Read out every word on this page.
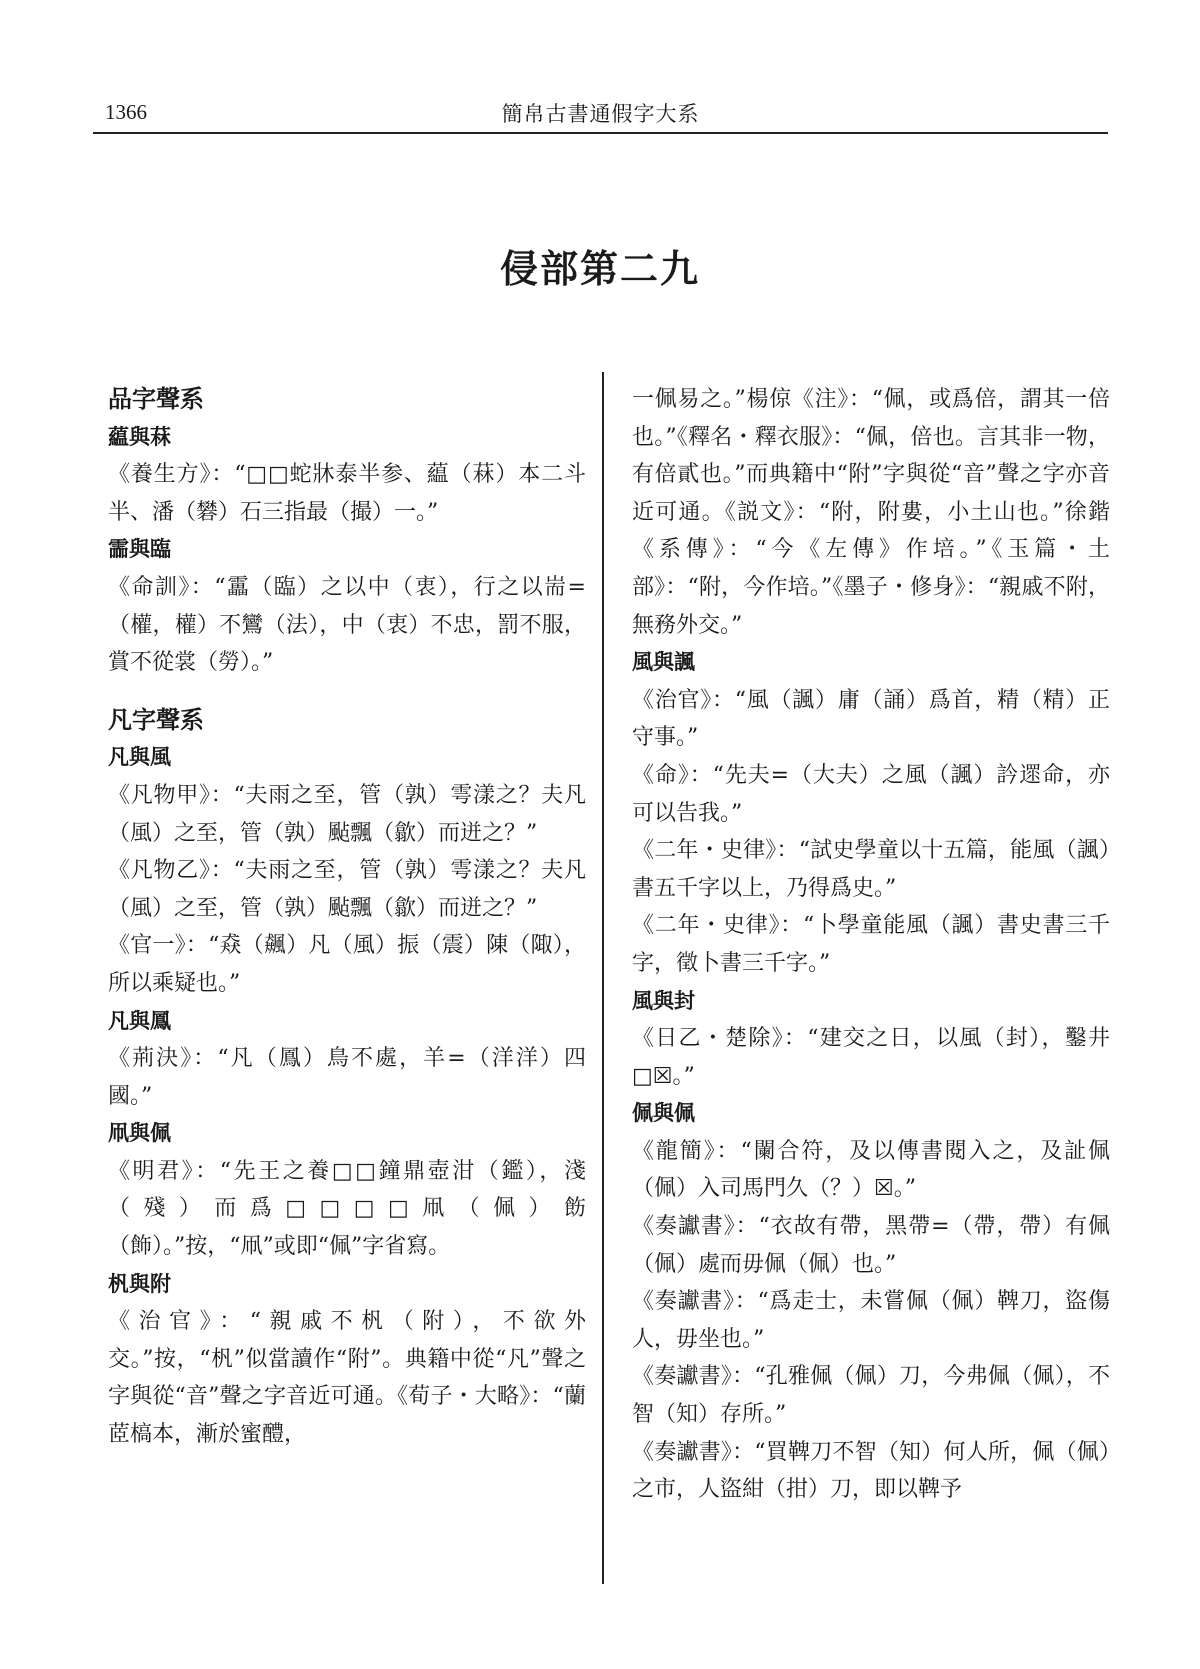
1366	簡帛古書通假字大系
侵部第二九
品字聲系
藴與菻
《養生方》：“□□蛇牀泰半参、藴（菻）本二斗半、潘（礬）石三指最（撮）一。”
霝與臨
《命訓》：“靁（臨）之以中（衷），行之以耑=（權，權）不鸞（法），中（衷）不忠，罰不服，賞不從裳（勞）。”
凡字聲系
凡與風
《凡物甲》：“夫雨之至，管（孰）雩漾之？夫凡（風）之至，管（孰）颭飄（歙）而迸之？”
《凡物乙》：“夫雨之至，管（孰）雩漾之？夫凡（風）之至，管（孰）颭飄（歙）而迸之？”
《官一》：“猋（飆）凡（風）振（震）陳（陬），所以乘疑也。”
凡與鳳
《荊決》：“凡（鳳）鳥不處，羊=（洋洋）四國。”
凧與佩
《明君》：“先王之養□□鐘鼎壺泔（鑑），淺（殘）而爲□□□□凧（佩）飭（飾）。”按，“凧”或即“佩”字省寫。
杋與附
《治官》：“親戚不杋（附），不欲外交。”按，“杋”似當讀作“附”。典籍中從“凡”聲之字與從“音”聲之字音近可通。《荀子・大略》：“蘭茝槁本，漸於蜜醴，
一佩易之。”楊倞《注》：“佩，或爲倍，謂其一倍也。”《釋名・釋衣服》：“佩，倍也。言其非一物，有倍貳也。”而典籍中“附”字與從“音”聲之字亦音近可通。《説文》：“附，附婁，小土山也。”徐鍇《系傳》：“今《左傳》作培。”《玉篇・土部》：“附，今作培。”《墨子・修身》：“親戚不附，無務外交。”
風與諷
《治官》：“風（諷）庸（誦）爲首，精（精）正守事。”
《命》：“先夫=（大夫）之風（諷）訡遝命，亦可以告我。”
《二年・史律》：“試史學童以十五篇，能風（諷）書五千字以上，乃得爲史。”
《二年・史律》：“卜學童能風（諷）書史書三千字，徵卜書三千字。”
風與封
《日乙・楚除》：“建交之日，以風（封），鑿井□☒。”
佩與佩
《龍簡》：“闌合符，及以傳書閱入之，及訨佩（佩）入司馬門久（？）☒。”
《奏讞書》：“衣故有帶，黑帶=（帶，帶）有佩（佩）處而毋佩（佩）也。”
《奏讞書》：“爲走士，未嘗佩（佩）鞞刀，盜傷人，毋坐也。”
《奏讞書》：“孔雅佩（佩）刀，今弗佩（佩），不智（知）存所。”
《奏讞書》：“買鞞刀不智（知）何人所，佩（佩）之市，人盜紺（拑）刀，即以鞞予
